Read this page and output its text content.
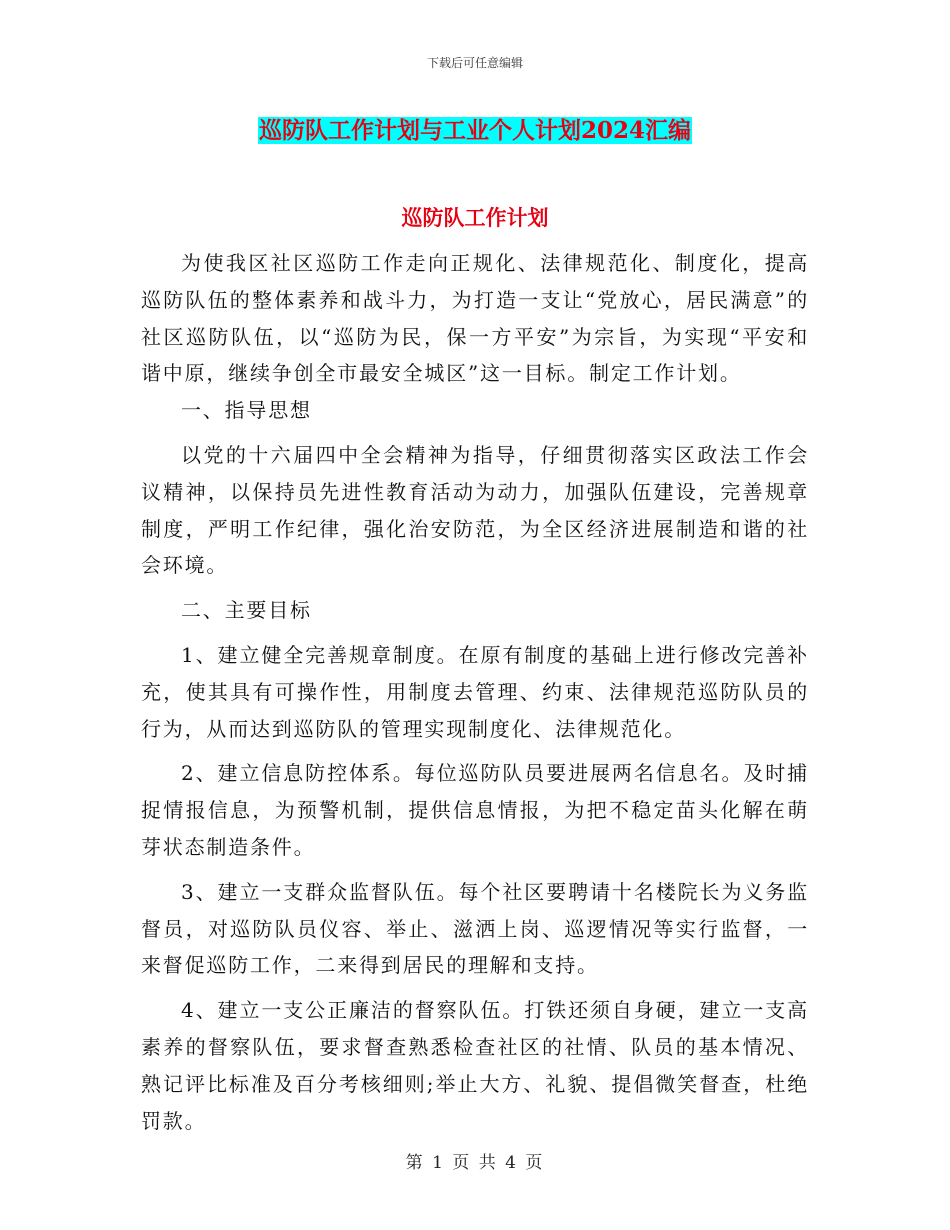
下载后可任意编辑
巡防队工作计划与工业个人计划2024汇编
巡防队工作计划

为使我区社区巡防工作走向正规化、法律规范化、制度化，提高巡防队伍的整体素养和战斗力，为打造一支让“党放心，居民满意”的社区巡防队伍，以“巡防为民，保一方平安”为宗旨，为实现“平安和谐中原，继续争创全市最安全城区”这一目标。制定工作计划。

一、指导思想

以党的十六届四中全会精神为指导，仔细贯彻落实区政法工作会议精神，以保持员先进性教育活动为动力，加强队伍建设，完善规章制度，严明工作纪律，强化治安防范，为全区经济进展制造和谐的社会环境。

二、主要目标

1、建立健全完善规章制度。在原有制度的基础上进行修改完善补充，使其具有可操作性，用制度去管理、约束、法律规范巡防队员的行为，从而达到巡防队的管理实现制度化、法律规范化。

2、建立信息防控体系。每位巡防队员要进展两名信息名。及时捕捉情报信息，为预警机制，提供信息情报，为把不稳定苗头化解在萌芽状态制造条件。

3、建立一支群众监督队伍。每个社区要聘请十名楼院长为义务监督员，对巡防队员仪容、举止、滋洒上岗、巡逻情况等实行监督，一来督促巡防工作，二来得到居民的理解和支持。

4、建立一支公正廉洁的督察队伍。打铁还须自身硬，建立一支高素养的督察队伍，要求督查熟悉检查社区的社情、队员的基本情况、熟记评比标准及百分考核细则;举止大方、礼貌、提倡微笑督查，杜绝罚款。

第 1 页 共 4 页
